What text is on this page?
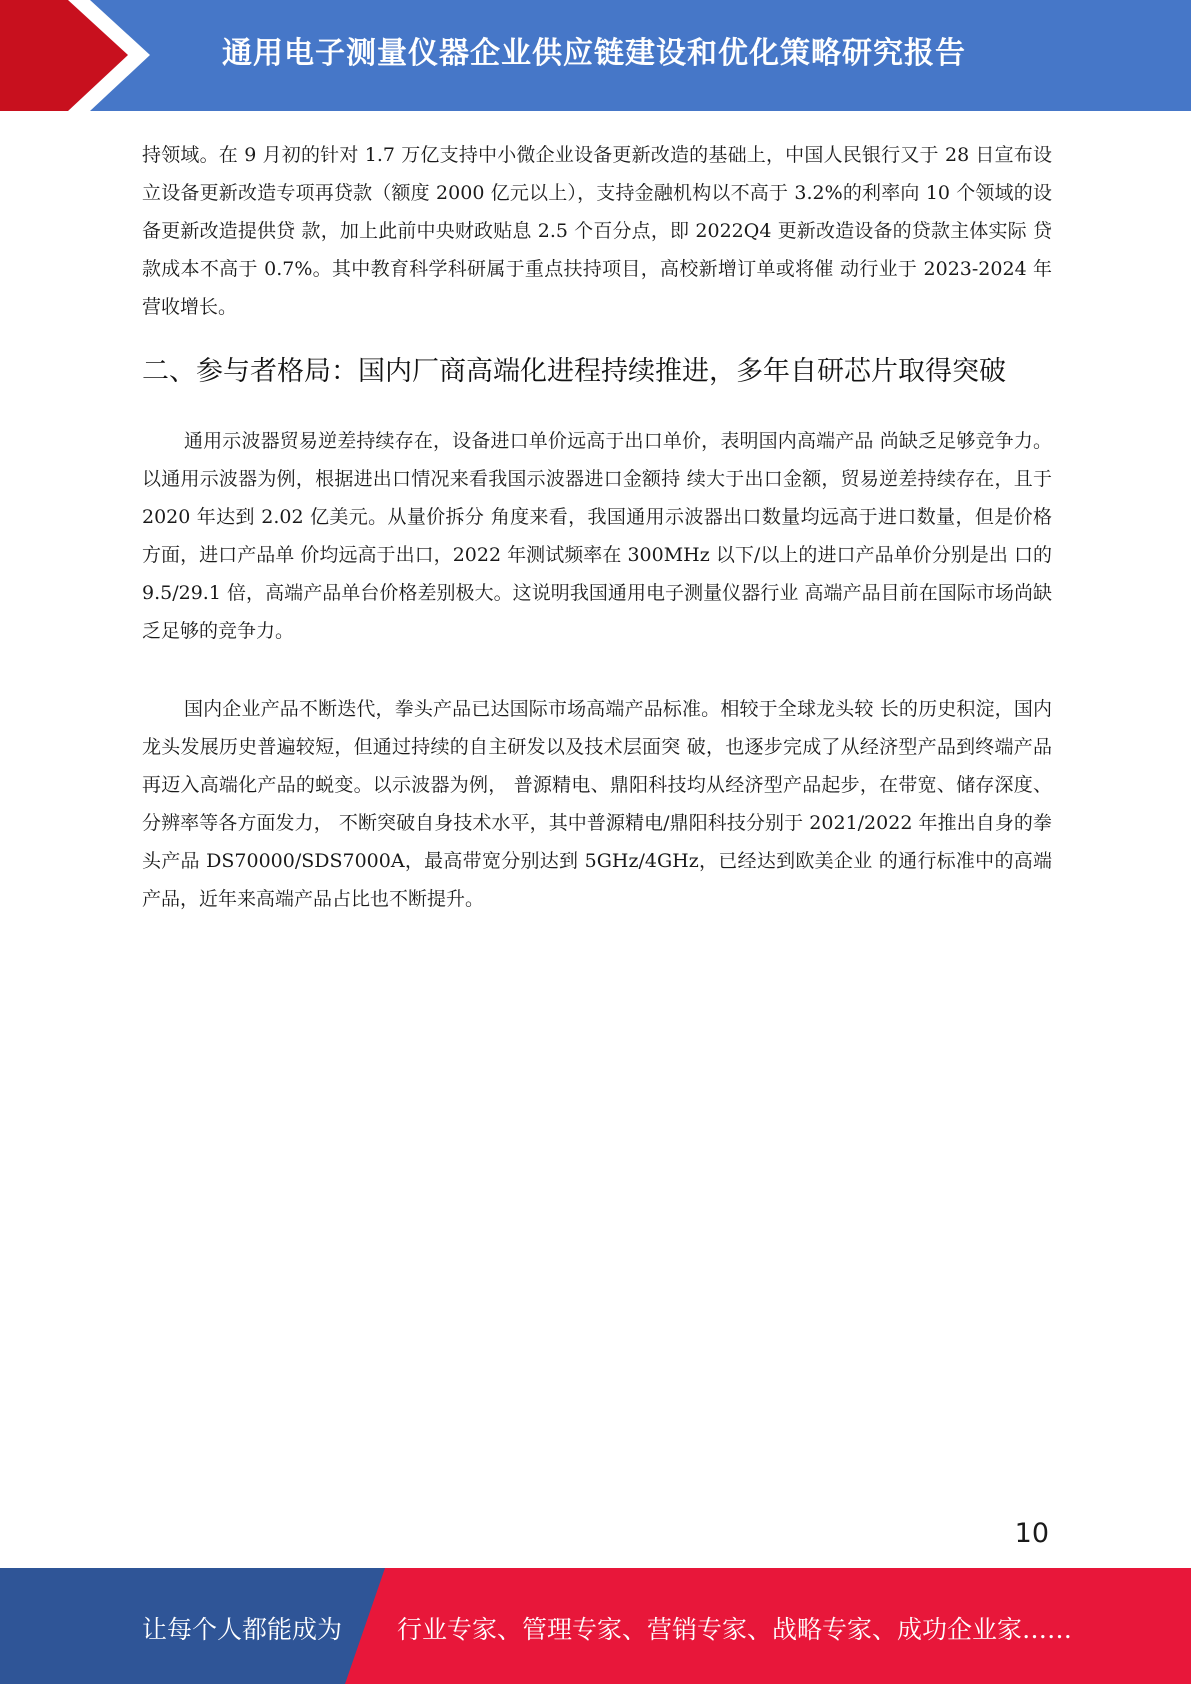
通用电子测量仪器企业供应链建设和优化策略研究报告

持领域。在 9 月初的针对 1.7 万亿支持中小微企业设备更新改造的基础上，中国人民银行又于 28 日宣布设立设备更新改造专项再贷款（额度 2000 亿元以上），支持金融机构以不高于 3.2%的利率向 10 个领域的设备更新改造提供贷 款，加上此前中央财政贴息 2.5 个百分点，即 2022Q4 更新改造设备的贷款主体实际 贷款成本不高于 0.7%。其中教育科学科研属于重点扶持项目，高校新增订单或将催 动行业于 2023-2024 年营收增长。

二、参与者格局：国内厂商高端化进程持续推进，多年自研芯片取得突破

通用示波器贸易逆差持续存在，设备进口单价远高于出口单价，表明国内高端产品 尚缺乏足够竞争力。以通用示波器为例，根据进出口情况来看我国示波器进口金额持 续大于出口金额，贸易逆差持续存在，且于 2020 年达到 2.02 亿美元。从量价拆分 角度来看，我国通用示波器出口数量均远高于进口数量，但是价格方面，进口产品单 价均远高于出口，2022 年测试频率在 300MHz 以下/以上的进口产品单价分别是出 口的 9.5/29.1 倍，高端产品单台价格差别极大。这说明我国通用电子测量仪器行业 高端产品目前在国际市场尚缺乏足够的竞争力。

国内企业产品不断迭代，拳头产品已达国际市场高端产品标准。相较于全球龙头较 长的历史积淀，国内龙头发展历史普遍较短，但通过持续的自主研发以及技术层面突 破，也逐步完成了从经济型产品到终端产品再迈入高端化产品的蜕变。以示波器为例， 普源精电、鼎阳科技均从经济型产品起步，在带宽、储存深度、分辨率等各方面发力， 不断突破自身技术水平，其中普源精电/鼎阳科技分别于 2021/2022 年推出自身的拳 头产品 DS70000/SDS7000A，最高带宽分别达到 5GHz/4GHz，已经达到欧美企业 的通行标准中的高端产品，近年来高端产品占比也不断提升。

10
让每个人都能成为 行业专家、管理专家、营销专家、战略专家、成功企业家……
